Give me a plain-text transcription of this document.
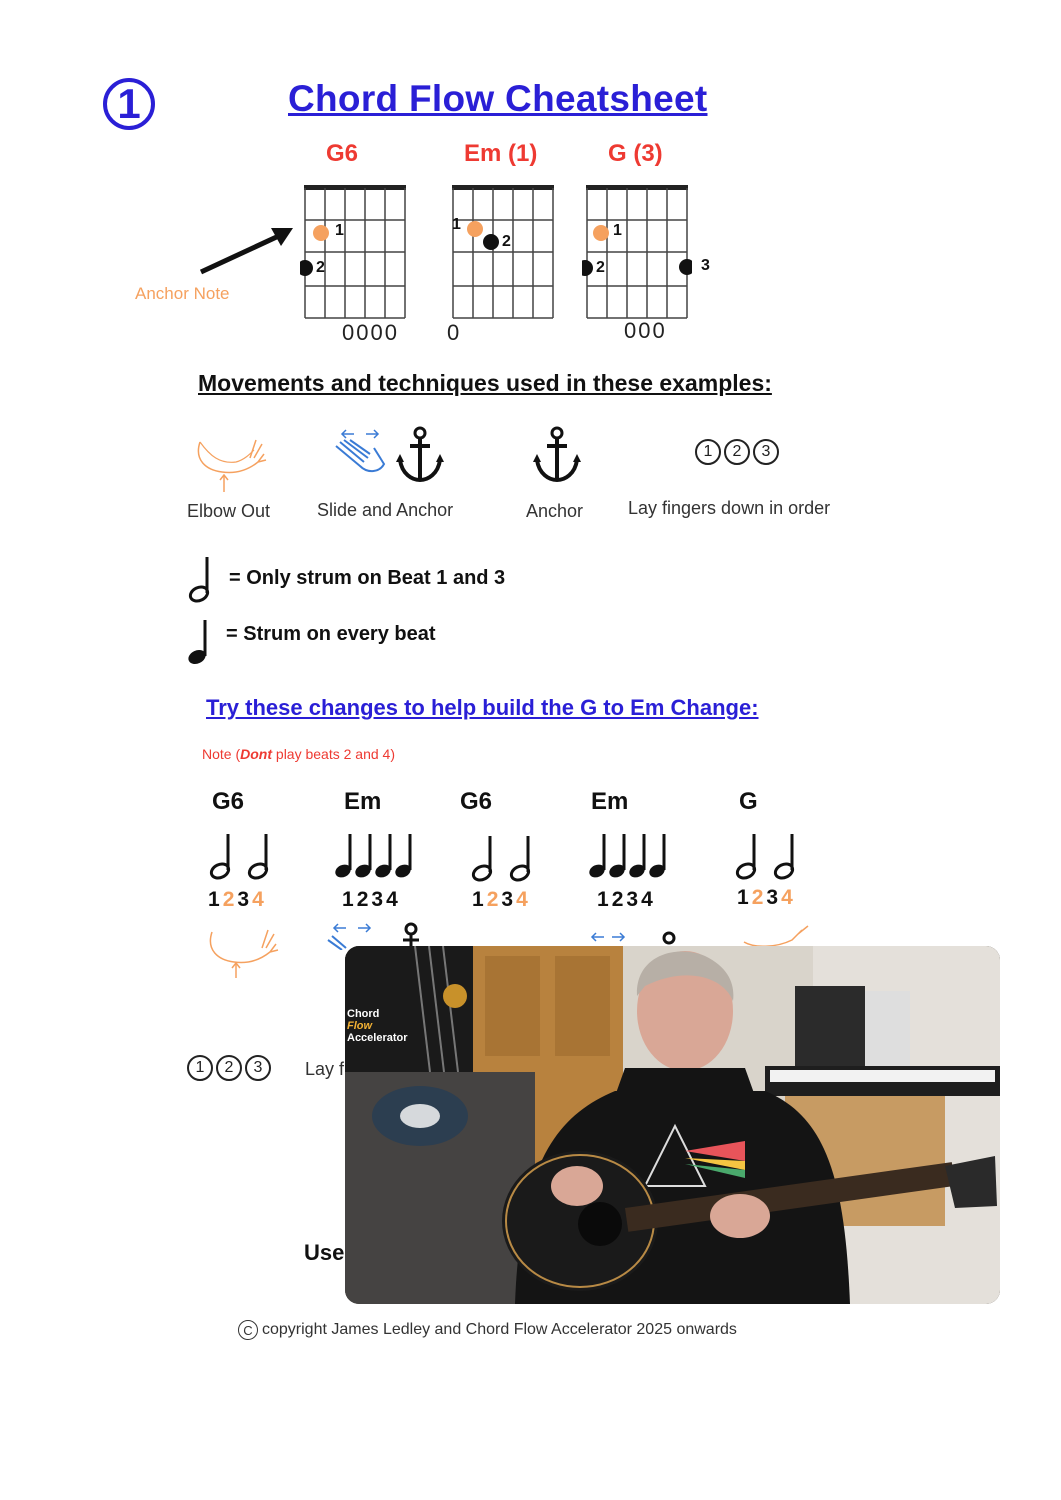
1	Chord Flow Cheatsheet
G6	Em (1)	G (3)
Anchor Note
1
2
0000
1
2
0
1
2	3
000
Movements and techniques used in these examples:
1	2	3
Elbow Out	Slide and Anchor	Anchor Lay fingers down in order
= Only strum on Beat 1 and 3
= Strum on every beat
Try these changes to help build the G to Em Change:
Note (Dont play beats 2 and 4)
G6	Em	G6	Em	G
1234	1234	1234	1234	1234
1	2	3	Lay f
Use
Chord
Flow
Accelerator
C copyright James Ledley and Chord Flow Accelerator 2025 onwards
